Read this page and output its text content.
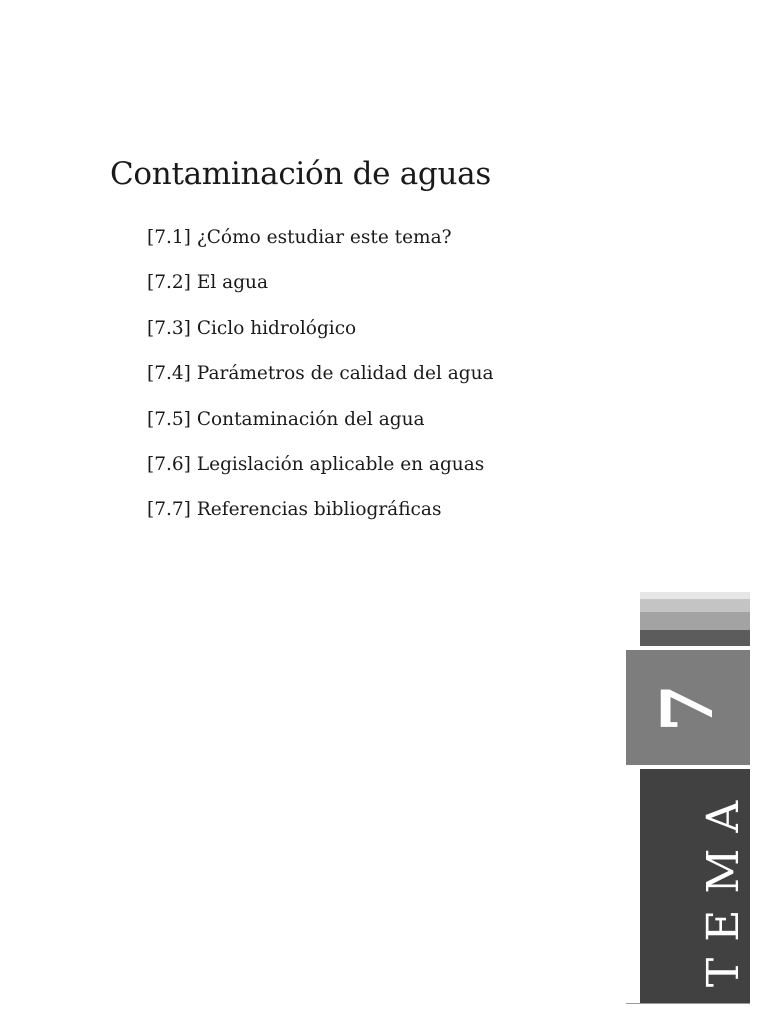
Contaminación de aguas
[7.1] ¿Cómo estudiar este tema?
[7.2] El agua
[7.3] Ciclo hidrológico
[7.4] Parámetros de calidad del agua
[7.5] Contaminación del agua
[7.6] Legislación aplicable en aguas
[7.7] Referencias bibliográficas
7
TEMA
